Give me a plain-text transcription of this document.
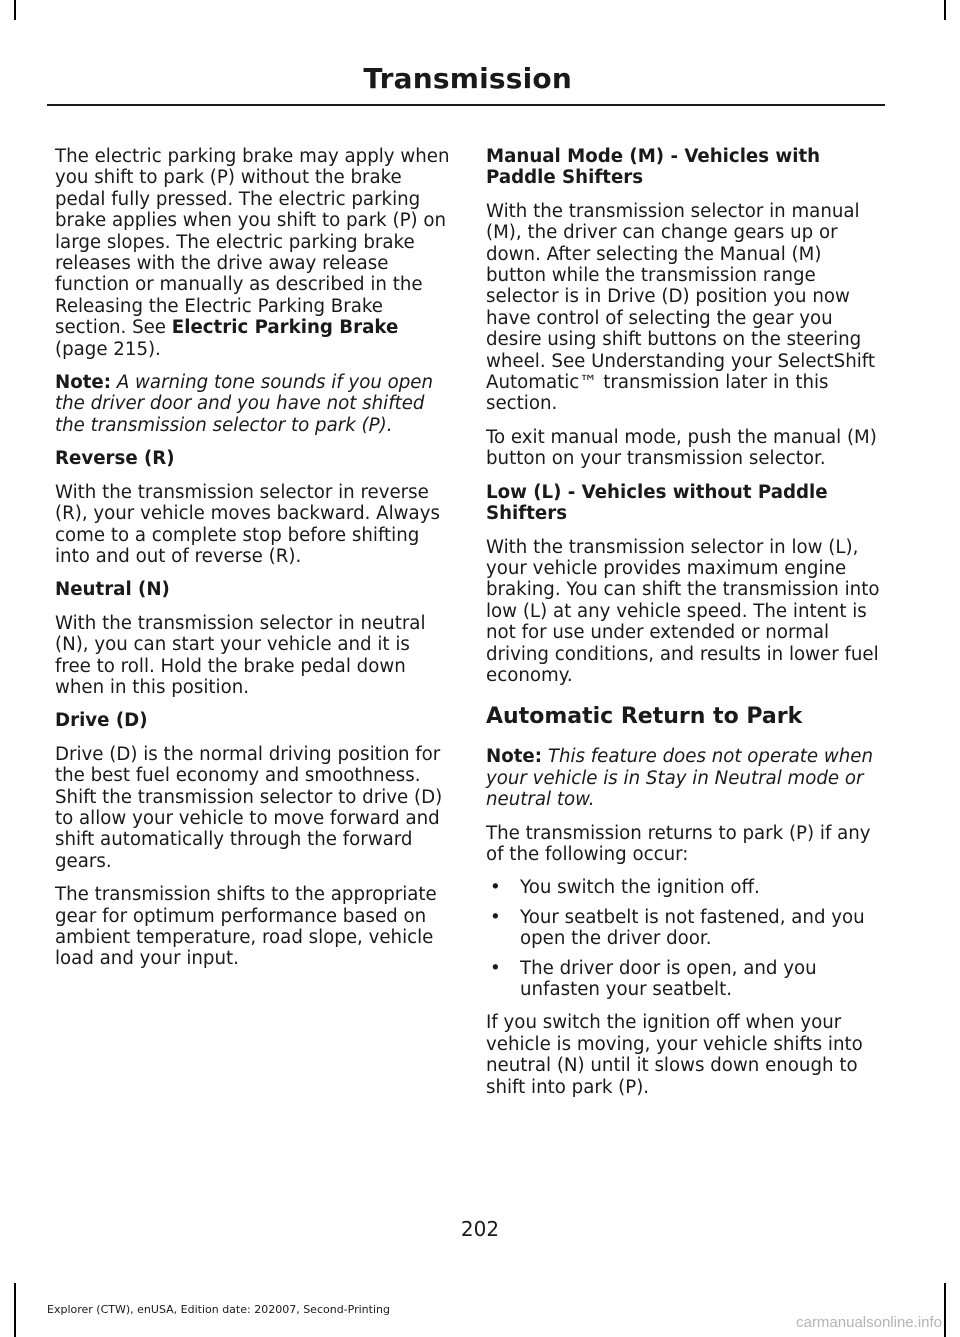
Transmission

The electric parking brake may apply when you shift to park (P) without the brake pedal fully pressed. The electric parking brake applies when you shift to park (P) on large slopes. The electric parking brake releases with the drive away release function or manually as described in the Releasing the Electric Parking Brake section. See Electric Parking Brake (page 215).

Note: A warning tone sounds if you open the driver door and you have not shifted the transmission selector to park (P).

Reverse (R)

With the transmission selector in reverse (R), your vehicle moves backward. Always come to a complete stop before shifting into and out of reverse (R).

Neutral (N)

With the transmission selector in neutral (N), you can start your vehicle and it is free to roll. Hold the brake pedal down when in this position.

Drive (D)

Drive (D) is the normal driving position for the best fuel economy and smoothness. Shift the transmission selector to drive (D) to allow your vehicle to move forward and shift automatically through the forward gears.

The transmission shifts to the appropriate gear for optimum performance based on ambient temperature, road slope, vehicle load and your input.

Manual Mode (M) - Vehicles with Paddle Shifters

With the transmission selector in manual (M), the driver can change gears up or down. After selecting the Manual (M) button while the transmission range selector is in Drive (D) position you now have control of selecting the gear you desire using shift buttons on the steering wheel. See Understanding your SelectShift Automatic™ transmission later in this section.

To exit manual mode, push the manual (M) button on your transmission selector.

Low (L) - Vehicles without Paddle Shifters

With the transmission selector in low (L), your vehicle provides maximum engine braking. You can shift the transmission into low (L) at any vehicle speed. The intent is not for use under extended or normal driving conditions, and results in lower fuel economy.

Automatic Return to Park

Note: This feature does not operate when your vehicle is in Stay in Neutral mode or neutral tow.

The transmission returns to park (P) if any of the following occur:

• You switch the ignition off.
• Your seatbelt is not fastened, and you open the driver door.
• The driver door is open, and you unfasten your seatbelt.

If you switch the ignition off when your vehicle is moving, your vehicle shifts into neutral (N) until it slows down enough to shift into park (P).

202
Explorer (CTW), enUSA, Edition date: 202007, Second-Printing
carmanualsonline.info
